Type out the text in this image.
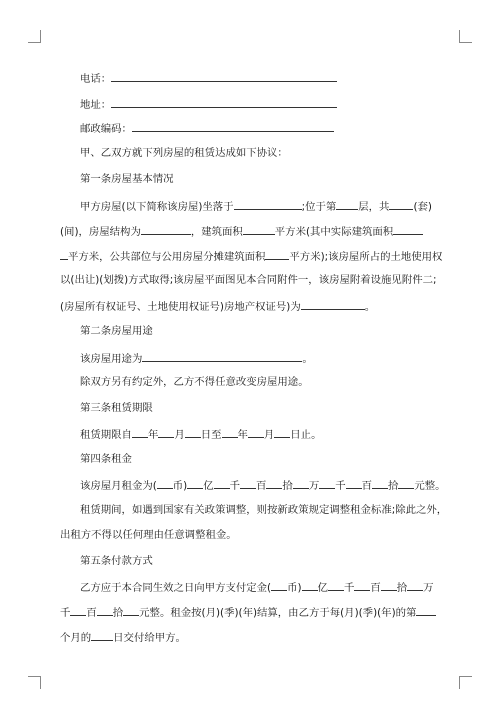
电话：
地址：
邮政编码：
甲、乙双方就下列房屋的租赁达成如下协议：
第一条房屋基本情况
甲方房屋(以下简称该房屋)坐落于	;位于第 层，共 (套)
(间)，房屋结构为	，建筑面积	平方米(其中实际建筑面积
平方米，公共部位与公用房屋分摊建筑面积 平方米);该房屋所占的土地使用权
以(出让)(划拨)方式取得;该房屋平面图见本合同附件一，该房屋附着设施见附件二;
(房屋所有权证号、土地使用权证号)房地产权证号)为	。
第二条房屋用途
该房屋用途为	。
除双方另有约定外，乙方不得任意改变房屋用途。
第三条租赁期限
租赁期限自 年 月 日至 年 月 日止。
第四条租金
该房屋月租金为( 币) 亿 千 百 拾 万 千 百 拾 元整。
租赁期间，如遇到国家有关政策调整，则按新政策规定调整租金标准;除此之外，
出租方不得以任何理由任意调整租金。
第五条付款方式
乙方应于本合同生效之日向甲方支付定金( 币) 亿 千 百 拾 万
千 百 拾 元整。租金按(月)(季)(年)结算，由乙方于每(月)(季)(年)的第
个月的 日交付给甲方。
